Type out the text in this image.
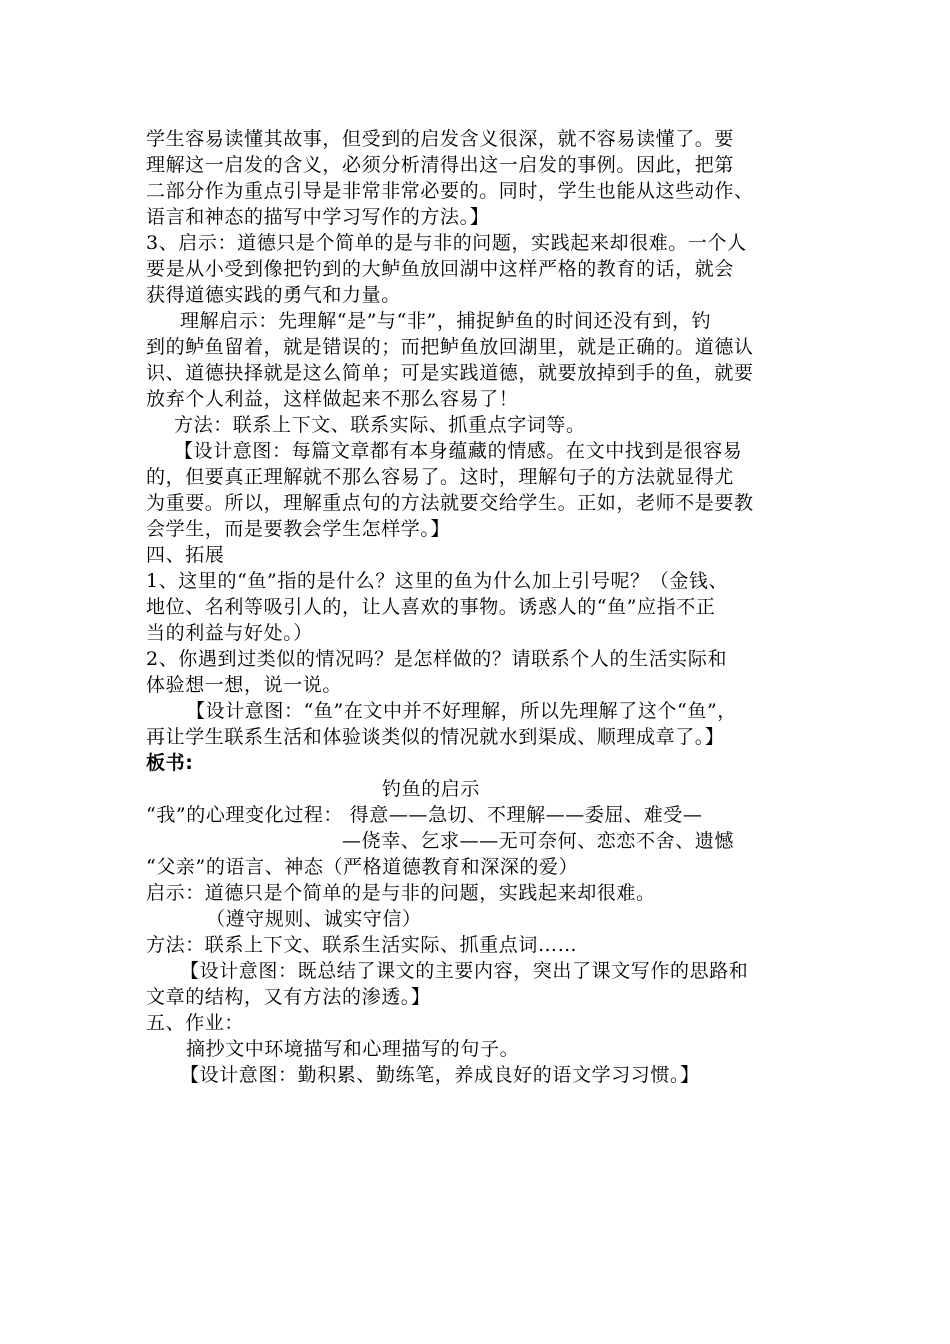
学生容易读懂其故事，但受到的启发含义很深，就不容易读懂了。要

理解这一启发的含义，必须分析清得出这一启发的事例。因此，把第

二部分作为重点引导是非常非常必要的。同时，学生也能从这些动作、

语言和神态的描写中学习写作的方法。】

3、启示：道德只是个简单的是与非的问题，实践起来却很难。一个人

要是从小受到像把钓到的大鲈鱼放回湖中这样严格的教育的话，就会

获得道德实践的勇气和力量。

理解启示：先理解“是”与“非”，捕捉鲈鱼的时间还没有到，钓

到的鲈鱼留着，就是错误的；而把鲈鱼放回湖里，就是正确的。道德认

识、道德抉择就是这么简单；可是实践道德，就要放掉到手的鱼，就要

放弃个人利益，这样做起来不那么容易了！

方法：联系上下文、联系实际、抓重点字词等。

【设计意图：每篇文章都有本身蕴藏的情感。在文中找到是很容易

的，但要真正理解就不那么容易了。这时，理解句子的方法就显得尤

为重要。所以，理解重点句的方法就要交给学生。正如，老师不是要教

会学生，而是要教会学生怎样学。】

四、拓展

1、这里的“鱼”指的是什么？这里的鱼为什么加上引号呢？（金钱、

地位、名利等吸引人的，让人喜欢的事物。诱惑人的“鱼”应指不正

当的利益与好处。）

2、你遇到过类似的情况吗？是怎样做的？请联系个人的生活实际和

体验想一想，说一说。

【设计意图：“鱼”在文中并不好理解，所以先理解了这个“鱼”，

再让学生联系生活和体验谈类似的情况就水到渠成、顺理成章了。】

板书:

钓鱼的启示

“我”的心理变化过程： 得意——急切、不理解——委屈、难受—

—侥幸、乞求——无可奈何、恋恋不舍、遗憾

“父亲”的语言、神态（严格道德教育和深深的爱）

启示：道德只是个简单的是与非的问题，实践起来却很难。

（遵守规则、诚实守信）

方法：联系上下文、联系生活实际、抓重点词……

【设计意图：既总结了课文的主要内容，突出了课文写作的思路和

文章的结构，又有方法的渗透。】

五、作业：

摘抄文中环境描写和心理描写的句子。

【设计意图：勤积累、勤练笔，养成良好的语文学习习惯。】
